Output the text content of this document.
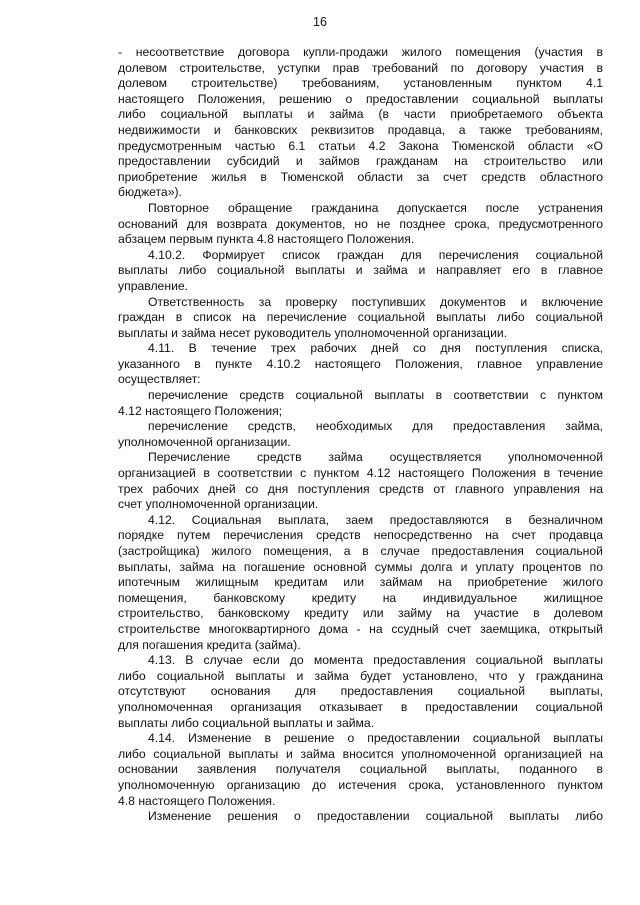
16
- несоответствие договора купли-продажи жилого помещения (участия в
долевом строительстве, уступки прав требований по договору участия в
долевом строительстве) требованиям, установленным пунктом 4.1
настоящего Положения, решению о предоставлении социальной выплаты
либо социальной выплаты и займа (в части приобретаемого объекта
недвижимости и банковских реквизитов продавца, а также требованиям,
предусмотренным частью 6.1 статьи 4.2 Закона Тюменской области «О
предоставлении субсидий и займов гражданам на строительство или
приобретение жилья в Тюменской области за счет средств областного
бюджета»).
Повторное обращение гражданина допускается после устранения
оснований для возврата документов, но не позднее срока, предусмотренного
абзацем первым пункта 4.8 настоящего Положения.
4.10.2. Формирует список граждан для перечисления социальной
выплаты либо социальной выплаты и займа и направляет его в главное
управление.
Ответственность за проверку поступивших документов и включение
граждан в список на перечисление социальной выплаты либо социальной
выплаты и займа несет руководитель уполномоченной организации.
4.11. В течение трех рабочих дней со дня поступления списка,
указанного в пункте 4.10.2 настоящего Положения, главное управление
осуществляет:
перечисление средств социальной выплаты в соответствии с пунктом
4.12 настоящего Положения;
перечисление средств, необходимых для предоставления займа,
уполномоченной организации.
Перечисление средств займа осуществляется уполномоченной
организацией в соответствии с пунктом 4.12 настоящего Положения в течение
трех рабочих дней со дня поступления средств от главного управления на
счет уполномоченной организации.
4.12. Социальная выплата, заем предоставляются в безналичном
порядке путем перечисления средств непосредственно на счет продавца
(застройщика) жилого помещения, а в случае предоставления социальной
выплаты, займа на погашение основной суммы долга и уплату процентов по
ипотечным жилищным кредитам или займам на приобретение жилого
помещения, банковскому кредиту на индивидуальное жилищное
строительство, банковскому кредиту или займу на участие в долевом
строительстве многоквартирного дома - на ссудный счет заемщика, открытый
для погашения кредита (займа).
4.13. В случае если до момента предоставления социальной выплаты
либо социальной выплаты и займа будет установлено, что у гражданина
отсутствуют основания для предоставления социальной выплаты,
уполномоченная организация отказывает в предоставлении социальной
выплаты либо социальной выплаты и займа.
4.14. Изменение в решение о предоставлении социальной выплаты
либо социальной выплаты и займа вносится уполномоченной организацией на
основании заявления получателя социальной выплаты, поданного в
уполномоченную организацию до истечения срока, установленного пунктом
4.8 настоящего Положения.
Изменение решения о предоставлении социальной выплаты либо
